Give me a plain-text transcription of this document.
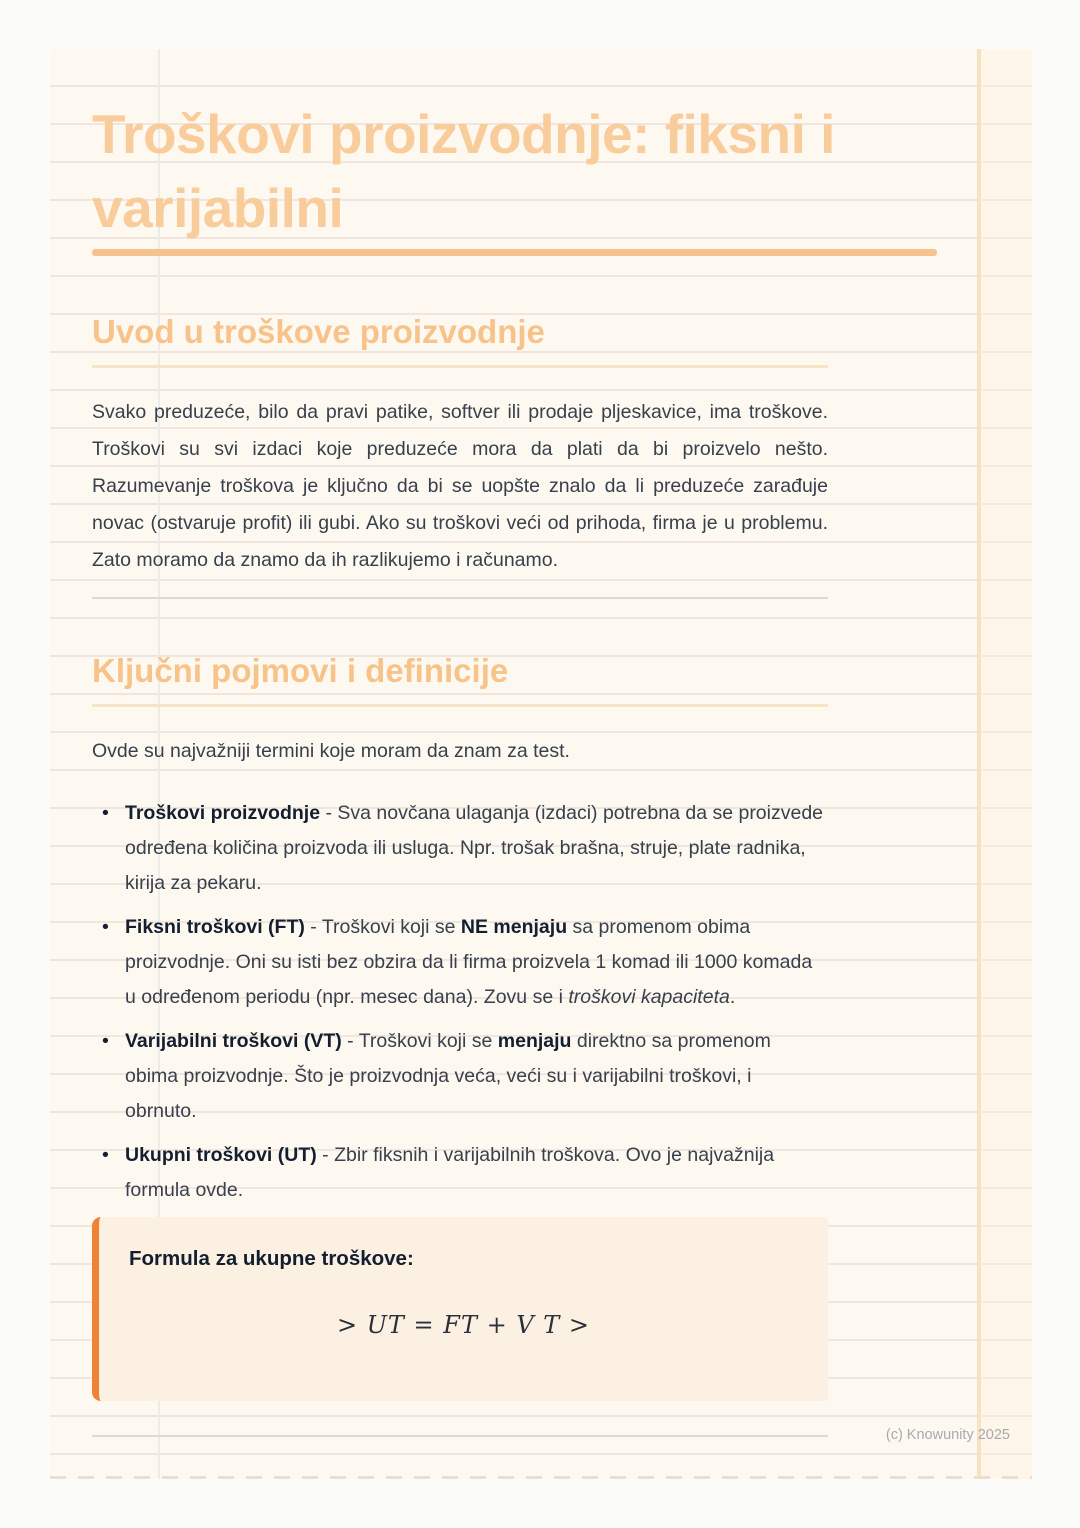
Troškovi proizvodnje: fiksni i varijabilni
Uvod u troškove proizvodnje

Svako preduzeće, bilo da pravi patike, softver ili prodaje pljeskavice, ima troškove. Troškovi su svi izdaci koje preduzeće mora da plati da bi proizvelo nešto. Razumevanje troškova je ključno da bi se uopšte znalo da li preduzeće zarađuje novac (ostvaruje profit) ili gubi. Ako su troškovi veći od prihoda, firma je u problemu. Zato moramo da znamo da ih razlikujemo i računamo.

Ključni pojmovi i definicije

Ovde su najvažniji termini koje moram da znam za test.

• Troškovi proizvodnje - Sva novčana ulaganja (izdaci) potrebna da se proizvede određena količina proizvoda ili usluga. Npr. trošak brašna, struje, plate radnika, kirija za pekaru.
• Fiksni troškovi (FT) - Troškovi koji se NE menjaju sa promenom obima proizvodnje. Oni su isti bez obzira da li firma proizvela 1 komad ili 1000 komada u određenom periodu (npr. mesec dana). Zovu se i troškovi kapaciteta.
• Varijabilni troškovi (VT) - Troškovi koji se menjaju direktno sa promenom obima proizvodnje. Što je proizvodnja veća, veći su i varijabilni troškovi, i obrnuto.
• Ukupni troškovi (UT) - Zbir fiksnih i varijabilnih troškova. Ovo je najvažnija formula ovde.
Formula za ukupne troškove:
> UT = FT + V T >
(c) Knowunity 2025
